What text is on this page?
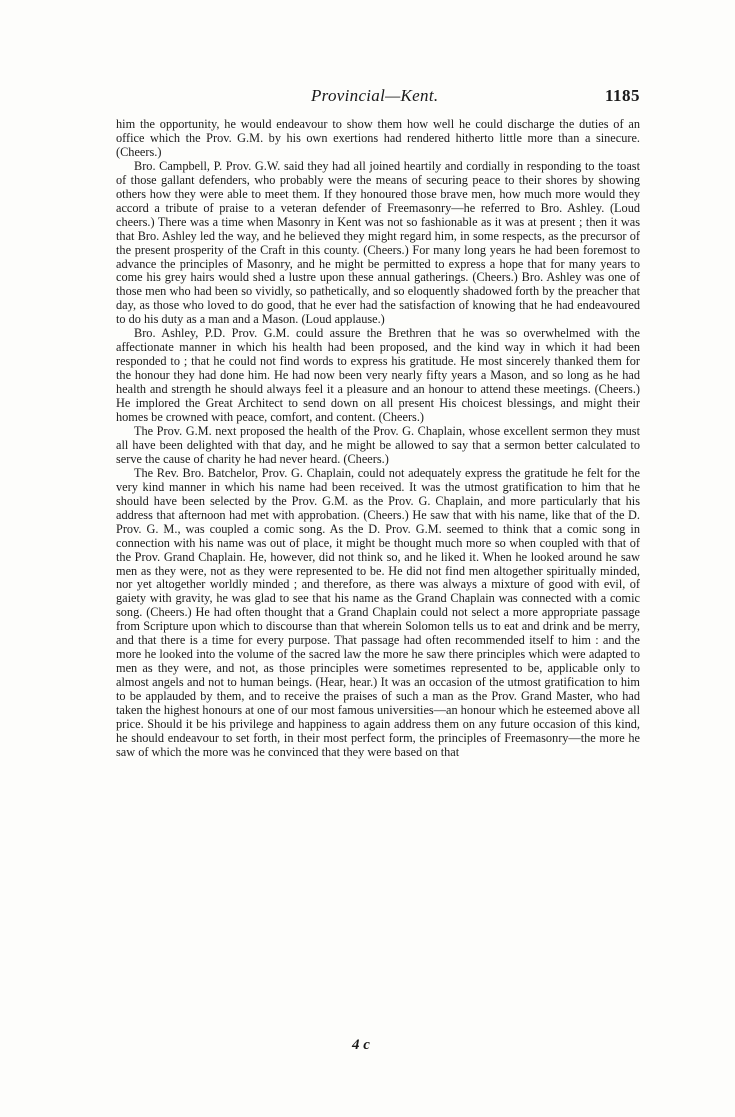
Provincial—Kent.	1185

him the opportunity, he would endeavour to show them how well he could discharge the duties of an office which the Prov. G.M. by his own exertions had rendered hitherto little more than a sinecure. (Cheers.)

Bro. Campbell, P. Prov. G.W. said they had all joined heartily and cordially in responding to the toast of those gallant defenders, who probably were the means of securing peace to their shores by showing others how they were able to meet them. If they honoured those brave men, how much more would they accord a tribute of praise to a veteran defender of Freemasonry—he referred to Bro. Ashley. (Loud cheers.) There was a time when Masonry in Kent was not so fashionable as it was at present ; then it was that Bro. Ashley led the way, and he believed they might regard him, in some respects, as the precursor of the present prosperity of the Craft in this county. (Cheers.) For many long years he had been foremost to advance the principles of Masonry, and he might be permitted to express a hope that for many years to come his grey hairs would shed a lustre upon these annual gatherings. (Cheers.) Bro. Ashley was one of those men who had been so vividly, so pathetically, and so eloquently shadowed forth by the preacher that day, as those who loved to do good, that he ever had the satisfaction of knowing that he had endeavoured to do his duty as a man and a Mason. (Loud applause.)

Bro. Ashley, P.D. Prov. G.M. could assure the Brethren that he was so overwhelmed with the affectionate manner in which his health had been proposed, and the kind way in which it had been responded to ; that he could not find words to express his gratitude. He most sincerely thanked them for the honour they had done him. He had now been very nearly fifty years a Mason, and so long as he had health and strength he should always feel it a pleasure and an honour to attend these meetings. (Cheers.) He implored the Great Architect to send down on all present His choicest blessings, and might their homes be crowned with peace, comfort, and content. (Cheers.)

The Prov. G.M. next proposed the health of the Prov. G. Chaplain, whose excellent sermon they must all have been delighted with that day, and he might be allowed to say that a sermon better calculated to serve the cause of charity he had never heard. (Cheers.)

The Rev. Bro. Batchelor, Prov. G. Chaplain, could not adequately express the gratitude he felt for the very kind manner in which his name had been received. It was the utmost gratification to him that he should have been selected by the Prov. G.M. as the Prov. G. Chaplain, and more particularly that his address that afternoon had met with approbation. (Cheers.) He saw that with his name, like that of the D. Prov. G. M., was coupled a comic song. As the D. Prov. G.M. seemed to think that a comic song in connection with his name was out of place, it might be thought much more so when coupled with that of the Prov. Grand Chaplain. He, however, did not think so, and he liked it. When he looked around he saw men as they were, not as they were represented to be. He did not find men altogether spiritually minded, nor yet altogether worldly minded ; and therefore, as there was always a mixture of good with evil, of gaiety with gravity, he was glad to see that his name as the Grand Chaplain was connected with a comic song. (Cheers.) He had often thought that a Grand Chaplain could not select a more appropriate passage from Scripture upon which to discourse than that wherein Solomon tells us to eat and drink and be merry, and that there is a time for every purpose. That passage had often recommended itself to him : and the more he looked into the volume of the sacred law the more he saw there principles which were adapted to men as they were, and not, as those principles were sometimes represented to be, applicable only to almost angels and not to human beings. (Hear, hear.) It was an occasion of the utmost gratification to him to be applauded by them, and to receive the praises of such a man as the Prov. Grand Master, who had taken the highest honours at one of our most famous universities—an honour which he esteemed above all price. Should it be his privilege and happiness to again address them on any future occasion of this kind, he should endeavour to set forth, in their most perfect form, the principles of Freemasonry—the more he saw of which the more was he convinced that they were based on that

4 c
